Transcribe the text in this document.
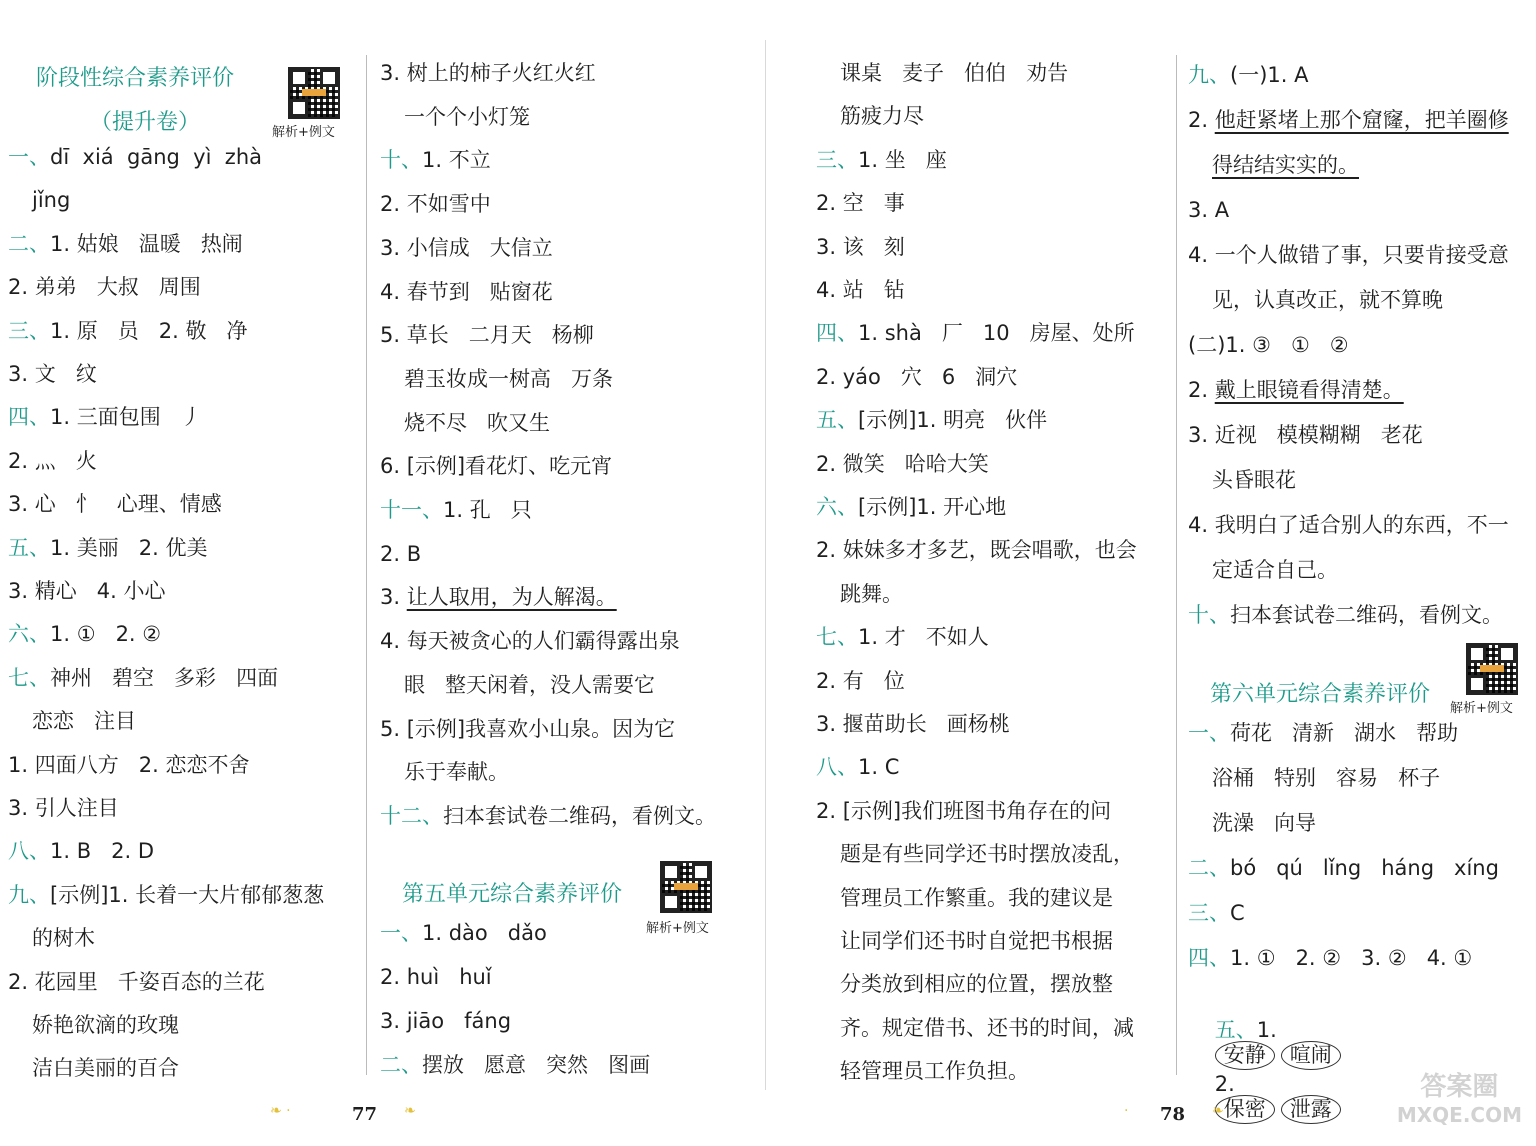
阶段性综合素养评价
（提升卷）	解析+例文
一、dī  xiá  gāng  yì  zhà
jǐng
二、1. 姑娘   温暖   热闹
2. 弟弟   大叔   周围
三、1. 原   员   2. 敬   净
3. 文   纹
四、1. 三面包围   丿
2. 灬   火
3. 心   忄   心理、情感
五、1. 美丽   2. 优美
3. 精心   4. 小心
六、1. ①   2. ②
七、神州   碧空   多彩   四面
恋恋   注目
1. 四面八方   2. 恋恋不舍
3. 引人注目
八、1. B   2. D
九、[示例]1. 长着一大片郁郁葱葱
的树木
2. 花园里   千姿百态的兰花
娇艳欲滴的玫瑰
洁白美丽的百合
3. 树上的柿子火红火红
一个个小灯笼
十、1. 不立
2. 不如雪中
3. 小信成   大信立
4. 春节到   贴窗花
5. 草长   二月天   杨柳
碧玉妆成一树高   万条
烧不尽   吹又生
6. [示例]看花灯、吃元宵
十一、1. 孔   只
2. B
3. 让人取用，为人解渴。
4. 每天被贪心的人们霸得露出泉
眼   整天闲着，没人需要它
5. [示例]我喜欢小山泉。因为它
乐于奉献。
十二、扫本套试卷二维码，看例文。
第五单元综合素养评价
解析+例文
一、1. dào   dǎo
2. huì   huǐ
3. jiāo   fáng
二、摆放   愿意   突然   图画
课桌   麦子   伯伯   劝告
筋疲力尽
三、1. 坐   座
2. 空   事
3. 该   刻
4. 站   钻
四、1. shà   厂   10   房屋、处所
2. yáo   穴   6   洞穴
五、[示例]1. 明亮   伙伴
2. 微笑   哈哈大笑
六、[示例]1. 开心地
2. 妹妹多才多艺，既会唱歌，也会
跳舞。
七、1. 才   不如人
2. 有   位
3. 揠苗助长   画杨桃
八、1. C
2. [示例]我们班图书角存在的问
题是有些同学还书时摆放凌乱，
管理员工作繁重。我的建议是
让同学们还书时自觉把书根据
分类放到相应的位置，摆放整
齐。规定借书、还书的时间，减
轻管理员工作负担。
九、(一)1. A
2. 他赶紧堵上那个窟窿，把羊圈修
得结结实实的。
3. A
4. 一个人做错了事，只要肯接受意
见，认真改正，就不算晚
(二)1. ③   ①   ②
2. 戴上眼镜看得清楚。
3. 近视   模模糊糊   老花
头昏眼花
4. 我明白了适合别人的东西，不一
定适合自己。
十、扫本套试卷二维码，看例文。
第六单元综合素养评价
解析+例文
一、荷花   清新   湖水   帮助
浴桶   特别   容易   杯子
洗澡   向导
二、bó   qú   lǐng   háng   xíng
三、C
四、1. ①   2. ②   3. ②   4. ①

五、1.
安静 喧闹

2.
保密 泄露

❧ ·	77 ❧	· 78 ❧
答案圈
MXQE.COM
